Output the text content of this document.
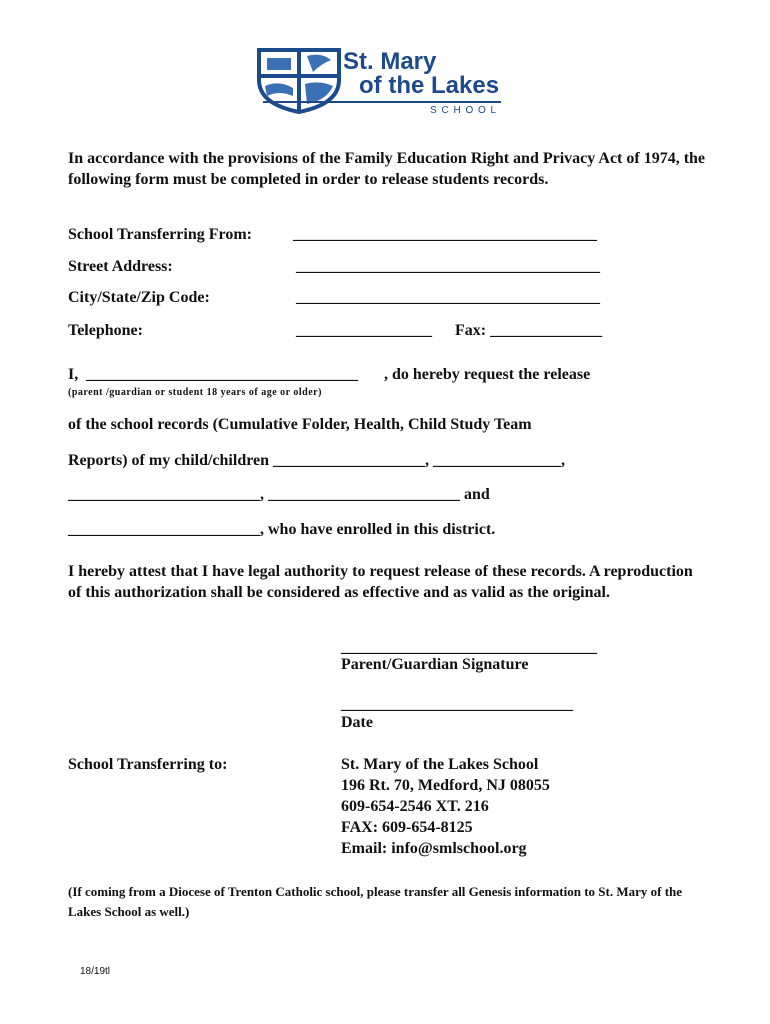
St. Mary
of the Lakes
S C H O O L
In accordance with the provisions of the Family Education Right and Privacy Act of 1974, the following form must be completed in order to release students records.
School Transferring From:	______________________________________
Street Address:	______________________________________
City/State/Zip Code:	______________________________________
Telephone:	_________________ Fax: ______________
I, __________________________________ , do hereby request the release
(parent /guardian or student 18 years of age or older)
of the school records (Cumulative Folder, Health, Child Study Team
Reports) of my child/children ___________________, ________________,
________________________, ________________________ and
________________________, who have enrolled in this district.
I hereby attest that I have legal authority to request release of these records. A reproduction of this authorization shall be considered as effective and as valid as the original.
________________________________
Parent/Guardian Signature
_____________________________
Date
School Transferring to:	St. Mary of the Lakes School
196 Rt. 70, Medford, NJ 08055
609-654-2546 XT. 216
FAX: 609-654-8125
Email: info@smlschool.org
(If coming from a Diocese of Trenton Catholic school, please transfer all Genesis information to St. Mary of the Lakes School as well.)
18/19tl
